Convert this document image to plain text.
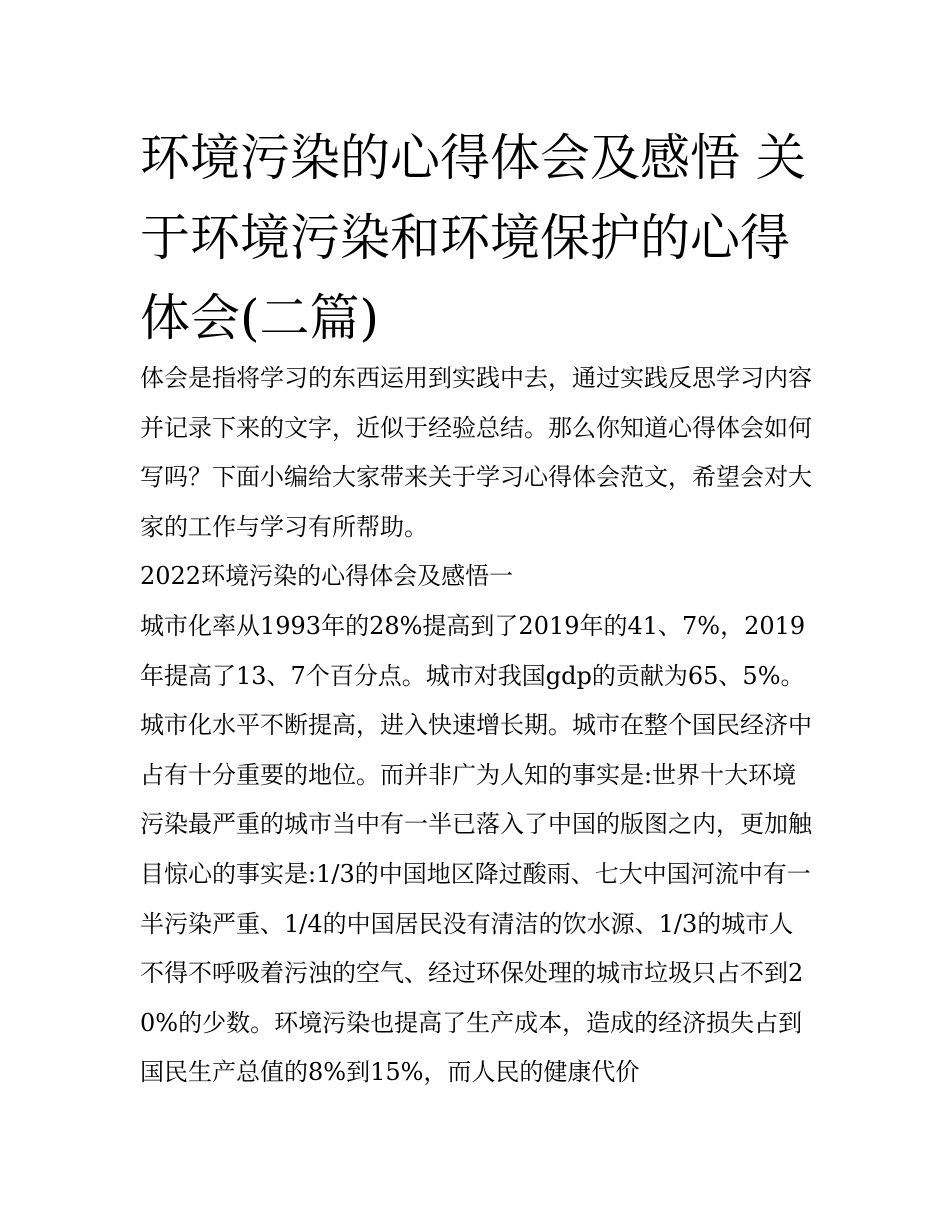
环境污染的心得体会及感悟 关于环境污染和环境保护的心得体会(二篇)

体会是指将学习的东西运用到实践中去，通过实践反思学习内容并记录下来的文字，近似于经验总结。那么你知道心得体会如何写吗？下面小编给大家带来关于学习心得体会范文，希望会对大家的工作与学习有所帮助。

2022环境污染的心得体会及感悟一

城市化率从1993年的28%提高到了2019年的41、7%，2019年提高了13、7个百分点。城市对我国gdp的贡献为65、5%。城市化水平不断提高，进入快速增长期。城市在整个国民经济中占有十分重要的地位。而并非广为人知的事实是:世界十大环境污染最严重的城市当中有一半已落入了中国的版图之内，更加触目惊心的事实是:1/3的中国地区降过酸雨、七大中国河流中有一半污染严重、1/4的中国居民没有清洁的饮水源、1/3的城市人不得不呼吸着污浊的空气、经过环保处理的城市垃圾只占不到20%的少数。环境污染也提高了生产成本，造成的经济损失占到国民生产总值的8%到15%，而人民的健康代价
